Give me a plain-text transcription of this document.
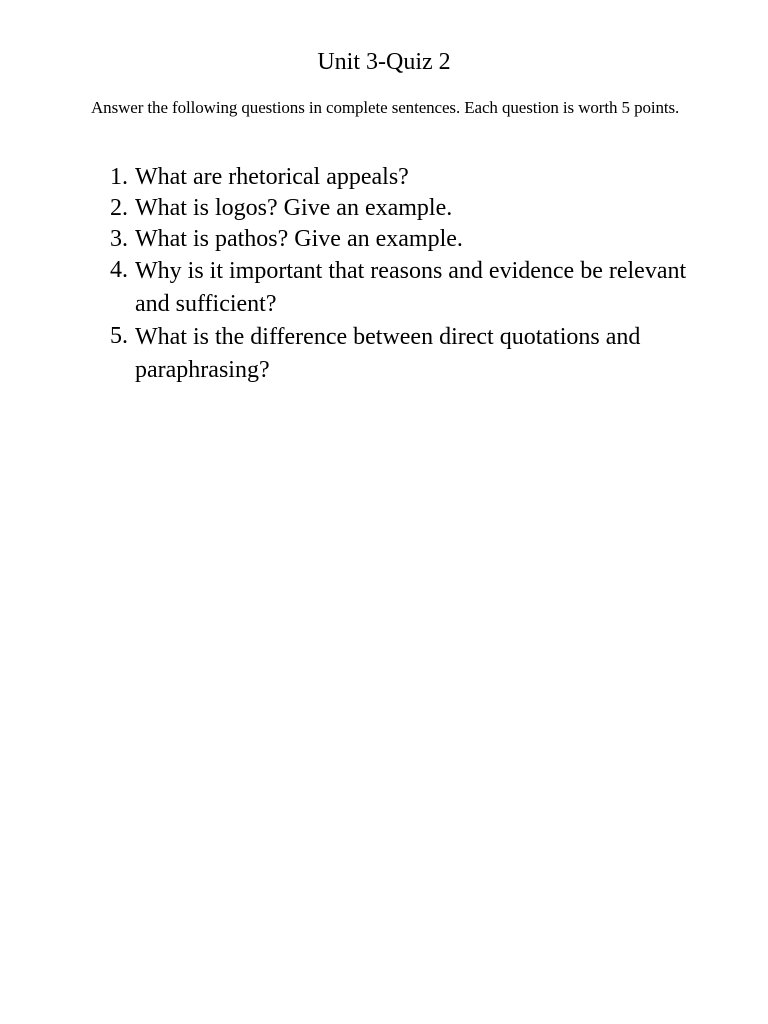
Unit 3-Quiz 2

Answer the following questions in complete sentences. Each question is worth 5 points.

1. What are rhetorical appeals?
2. What is logos? Give an example.
3. What is pathos? Give an example.
4. Why is it important that reasons and evidence be relevant and sufficient?
5. What is the difference between direct quotations and paraphrasing?
